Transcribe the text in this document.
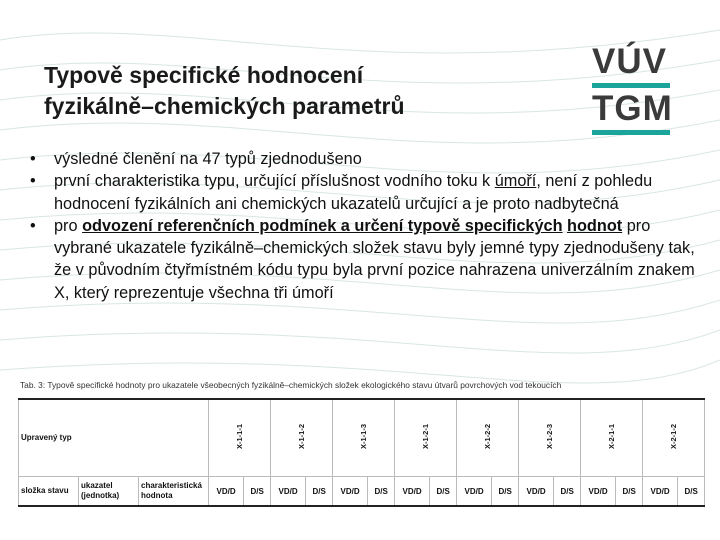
Typově specifické hodnocení
fyzikálně–chemických parametrů
VÚV
TGM
• výsledné členění na 47 typů zjednodušeno
• první charakteristika typu, určující příslušnost vodního toku k úmoří, není z pohledu hodnocení fyzikálních ani chemických ukazatelů určující a je proto nadbytečná
• pro odvození referenčních podmínek a určení typově specifických hodnot pro vybrané ukazatele fyzikálně–chemických složek stavu byly jemné typy zjednodušeny tak, že v původním čtyřmístném kódu typu byla první pozice nahrazena univerzálním znakem X, který reprezentuje všechna tři úmoří
Tab. 3: Typově specifické hodnoty pro ukazatele všeobecných fyzikálně–chemických složek ekologického stavu útvarů povrchových vod tekoucích
Upravený typ			X-1-1-1		X-1-1-2		X-1-1-3		X-1-2-1		X-1-2-2		X-1-2-3		X-2-1-1		X-2-1-2	
složka stavu	ukazatel (jednotka)	charakteristická hodnota	VD/D	D/S	VD/D	D/S	VD/D	D/S	VD/D	D/S	VD/D	D/S	VD/D	D/S	VD/D	D/S	VD/D	D/S
